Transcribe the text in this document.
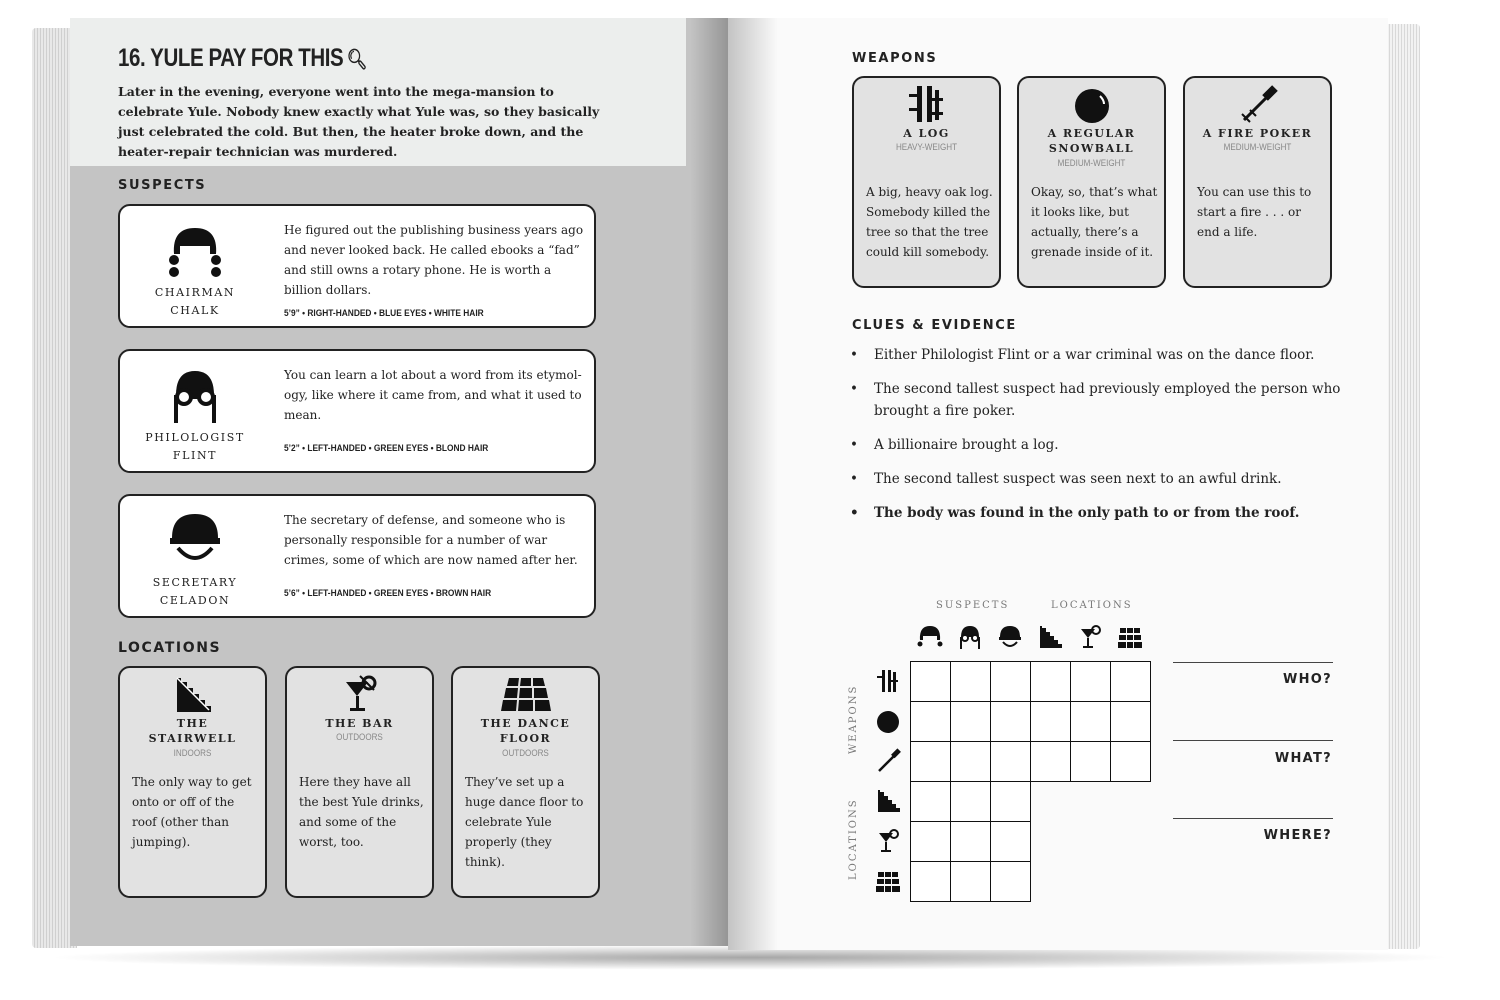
16. YULE PAY FOR THIS 🔍︎
Later in the evening, everyone went into the mega-mansion to celebrate Yule. Nobody knew exactly what Yule was, so they basically just celebrated the cold. But then, the heater broke down, and the heater-repair technician was murdered.
SUSPECTS
CHAIRMAN
CHALK
He figured out the publishing business years ago and never looked back. He called ebooks a “fad” and still owns a rotary phone. He is worth a billion dollars.
5’9” • RIGHT-HANDED • BLUE EYES • WHITE HAIR
PHILOLOGIST
FLINT
You can learn a lot about a word from its etymol-ogy, like where it came from, and what it used to mean.
5’2” • LEFT-HANDED • GREEN EYES • BLOND HAIR
SECRETARY
CELADON
The secretary of defense, and someone who is personally responsible for a number of war crimes, some of which are now named after her.
5’6” • LEFT-HANDED • GREEN EYES • BROWN HAIR
LOCATIONS
THE
STAIRWELL
INDOORS
The only way to get onto or off of the roof (other than jumping).
THE BAR
OUTDOORS
Here they have all the best Yule drinks, and some of the worst, too.
THE DANCE
FLOOR
OUTDOORS
They’ve set up a huge dance floor to celebrate Yule properly (they think).
WEAPONS
A LOG
HEAVY-WEIGHT
A big, heavy oak log. Somebody killed the tree so that the tree could kill somebody.
A REGULAR
SNOWBALL
MEDIUM-WEIGHT
Okay, so, that’s what it looks like, but actually, there’s a grenade inside of it.
A FIRE POKER
MEDIUM-WEIGHT
You can use this to start a fire . . . or end a life.
CLUES & EVIDENCE
• Either Philologist Flint or a war criminal was on the dance floor.
• The second tallest suspect had previously employed the person who brought a fire poker.
• A billionaire brought a log.
• The second tallest suspect was seen next to an awful drink.
• The body was found in the only path to or from the roof.
SUSPECTS	LOCATIONS
WEAPONS
LOCATIONS
WHO?
WHAT?
WHERE?
